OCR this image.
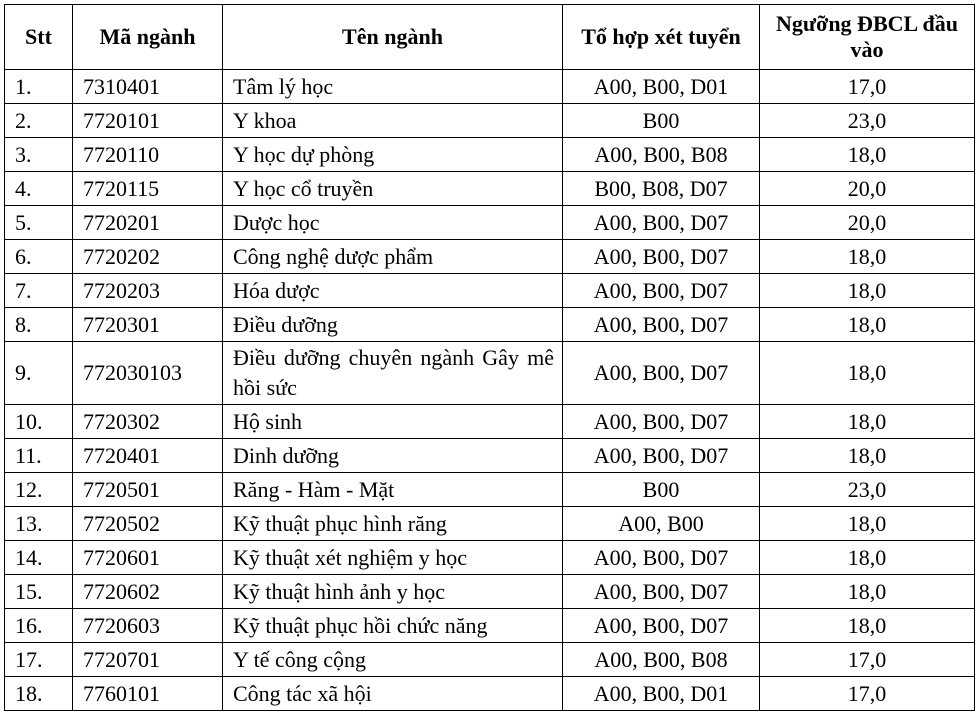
Stt	Mã ngành	Tên ngành	Tổ hợp xét tuyển	Ngưỡng ĐBCL đầu vào
1.	7310401	Tâm lý học	A00, B00, D01	17,0
2.	7720101	Y khoa	B00	23,0
3.	7720110	Y học dự phòng	A00, B00, B08	18,0
4.	7720115	Y học cổ truyền	B00, B08, D07	20,0
5.	7720201	Dược học	A00, B00, D07	20,0
6.	7720202	Công nghệ dược phẩm	A00, B00, D07	18,0
7.	7720203	Hóa dược	A00, B00, D07	18,0
8.	7720301	Điều dưỡng	A00, B00, D07	18,0
9.	772030103	Điều dưỡng chuyên ngành Gây mê hồi sức	A00, B00, D07	18,0
10.	7720302	Hộ sinh	A00, B00, D07	18,0
11.	7720401	Dinh dưỡng	A00, B00, D07	18,0
12.	7720501	Răng - Hàm - Mặt	B00	23,0
13.	7720502	Kỹ thuật phục hình răng	A00, B00	18,0
14.	7720601	Kỹ thuật xét nghiệm y học	A00, B00, D07	18,0
15.	7720602	Kỹ thuật hình ảnh y học	A00, B00, D07	18,0
16.	7720603	Kỹ thuật phục hồi chức năng	A00, B00, D07	18,0
17.	7720701	Y tế công cộng	A00, B00, B08	17,0
18.	7760101	Công tác xã hội	A00, B00, D01	17,0
